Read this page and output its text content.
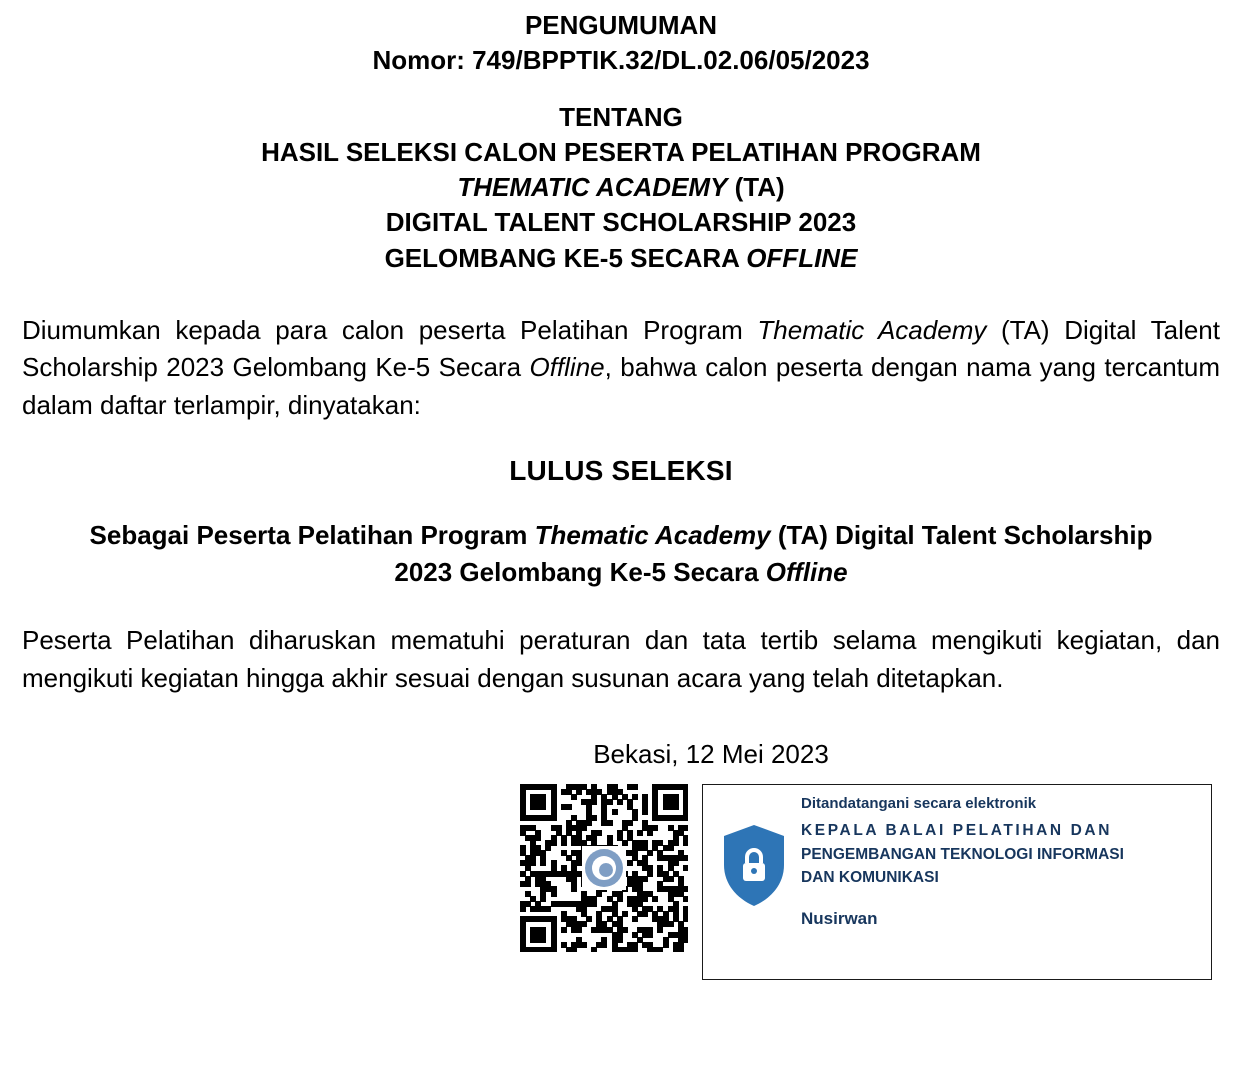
PENGUMUMAN
Nomor: 749/BPPTIK.32/DL.02.06/05/2023
TENTANG
HASIL SELEKSI CALON PESERTA PELATIHAN PROGRAM
THEMATIC ACADEMY (TA)
DIGITAL TALENT SCHOLARSHIP 2023
GELOMBANG KE-5 SECARA OFFLINE
Diumumkan kepada para calon peserta Pelatihan Program Thematic Academy (TA) Digital Talent Scholarship 2023 Gelombang Ke-5 Secara Offline, bahwa calon peserta dengan nama yang tercantum dalam daftar terlampir, dinyatakan:
LULUS SELEKSI
Sebagai Peserta Pelatihan Program Thematic Academy (TA) Digital Talent Scholarship 2023 Gelombang Ke-5 Secara Offline
Peserta Pelatihan diharuskan mematuhi peraturan dan tata tertib selama mengikuti kegiatan, dan mengikuti kegiatan hingga akhir sesuai dengan susunan acara yang telah ditetapkan.
Bekasi, 12 Mei 2023
Ditandatangani secara elektronik
KEPALA BALAI PELATIHAN DAN
PENGEMBANGAN TEKNOLOGI INFORMASI
DAN KOMUNIKASI
Nusirwan
